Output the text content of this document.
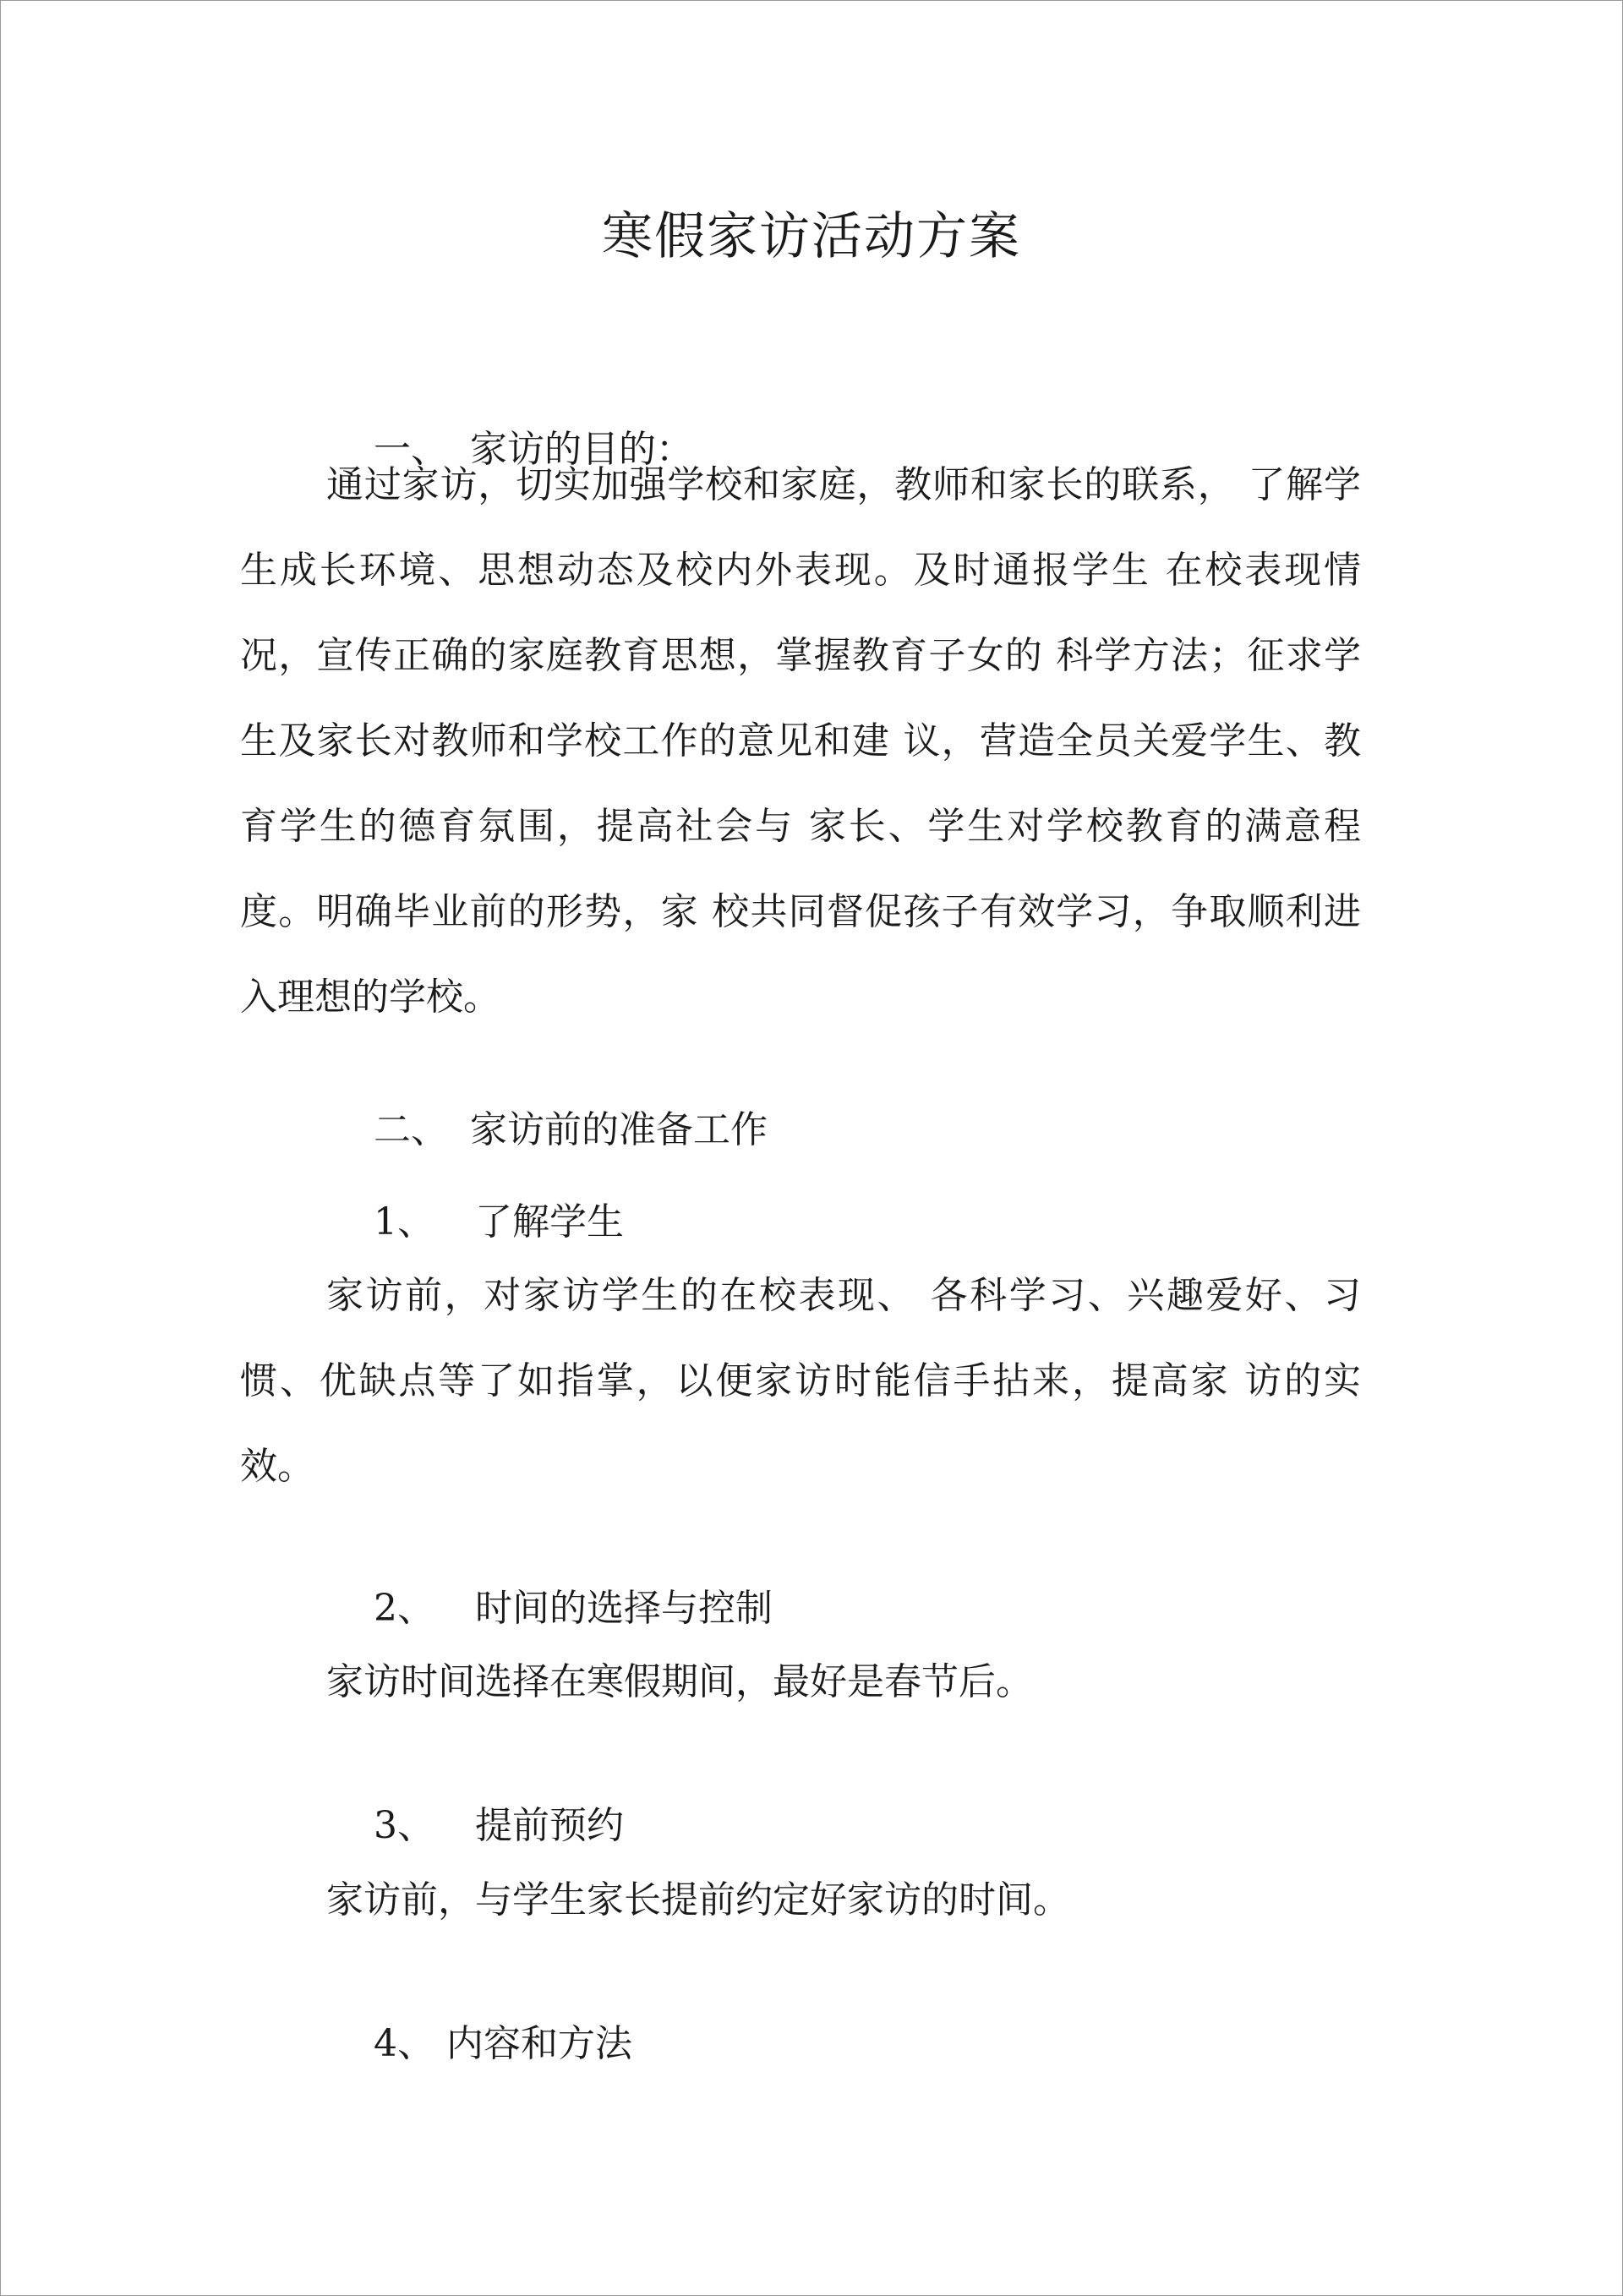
寒假家访活动方案

一、 家访的目的：

通过家访，切实加强学校和家庭，教师和家长的联系， 了解学生成长环境、思想动态及校内外表现。及时通报学生 在校表现情况，宣传正确的家庭教育思想，掌握教育子女的 科学方法；征求学生及家长对教师和学校工作的意见和建 议，营造全员关爱学生、教育学生的德育氛围，提高社会与 家长、学生对学校教育的满意程度。明确毕业前的形势，家 校共同督促孩子有效学习，争取顺利进入理想的学校。

二、 家访前的准备工作

1、 了解学生

家访前，对家访学生的在校表现、 各科学习、兴趣爱好、习惯、优缺点等了如指掌，以便家访时能信手拈来，提高家 访的实效。

2、 时间的选择与控制

家访时间选择在寒假期间，最好是春节后。

3、 提前预约

家访前，与学生家长提前约定好家访的时间。

4、 内容和方法
